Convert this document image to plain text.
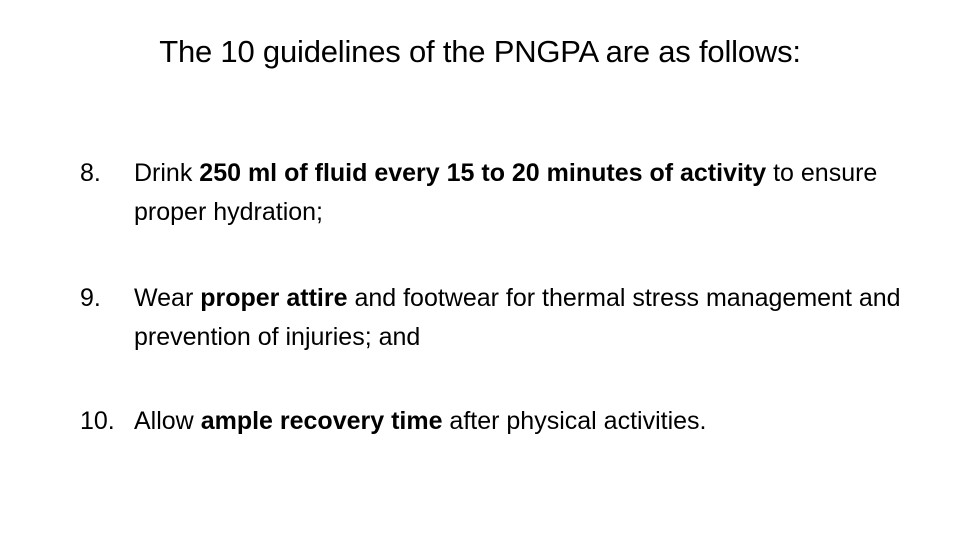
The 10 guidelines of the PNGPA are as follows:
8. Drink 250 ml of fluid every 15 to 20 minutes of activity to ensure proper hydration;
9. Wear proper attire and footwear for thermal stress management and prevention of injuries; and
10. Allow ample recovery time after physical activities.
